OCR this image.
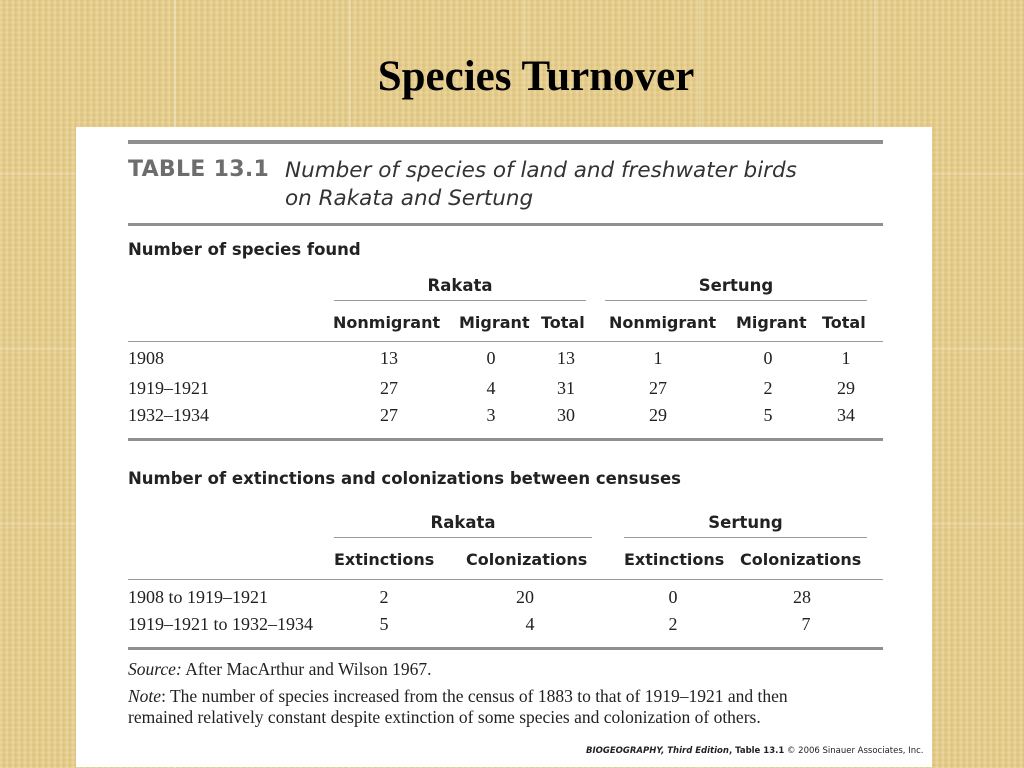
Species Turnover
TABLE 13.1 Number of species of land and freshwater birds
on Rakata and Sertung
Number of species found
Rakata	Sertung
Nonmigrant Migrant Total Nonmigrant Migrant Total
1908	13	0	13	1	0	1
1919–1921	27	4	31	27	2	29
1932–1934	27	3	30	29	5	34
Number of extinctions and colonizations between censuses
Rakata	Sertung
Extinctions Colonizations Extinctions Colonizations
1908 to 1919–1921	2	20	0	28
1919–1921 to 1932–1934	5	4	2	7
Source: After MacArthur and Wilson 1967.
Note: The number of species increased from the census of 1883 to that of 1919–1921 and then
remained relatively constant despite extinction of some species and colonization of others.
BIOGEOGRAPHY, Third Edition, Table 13.1 © 2006 Sinauer Associates, Inc.
